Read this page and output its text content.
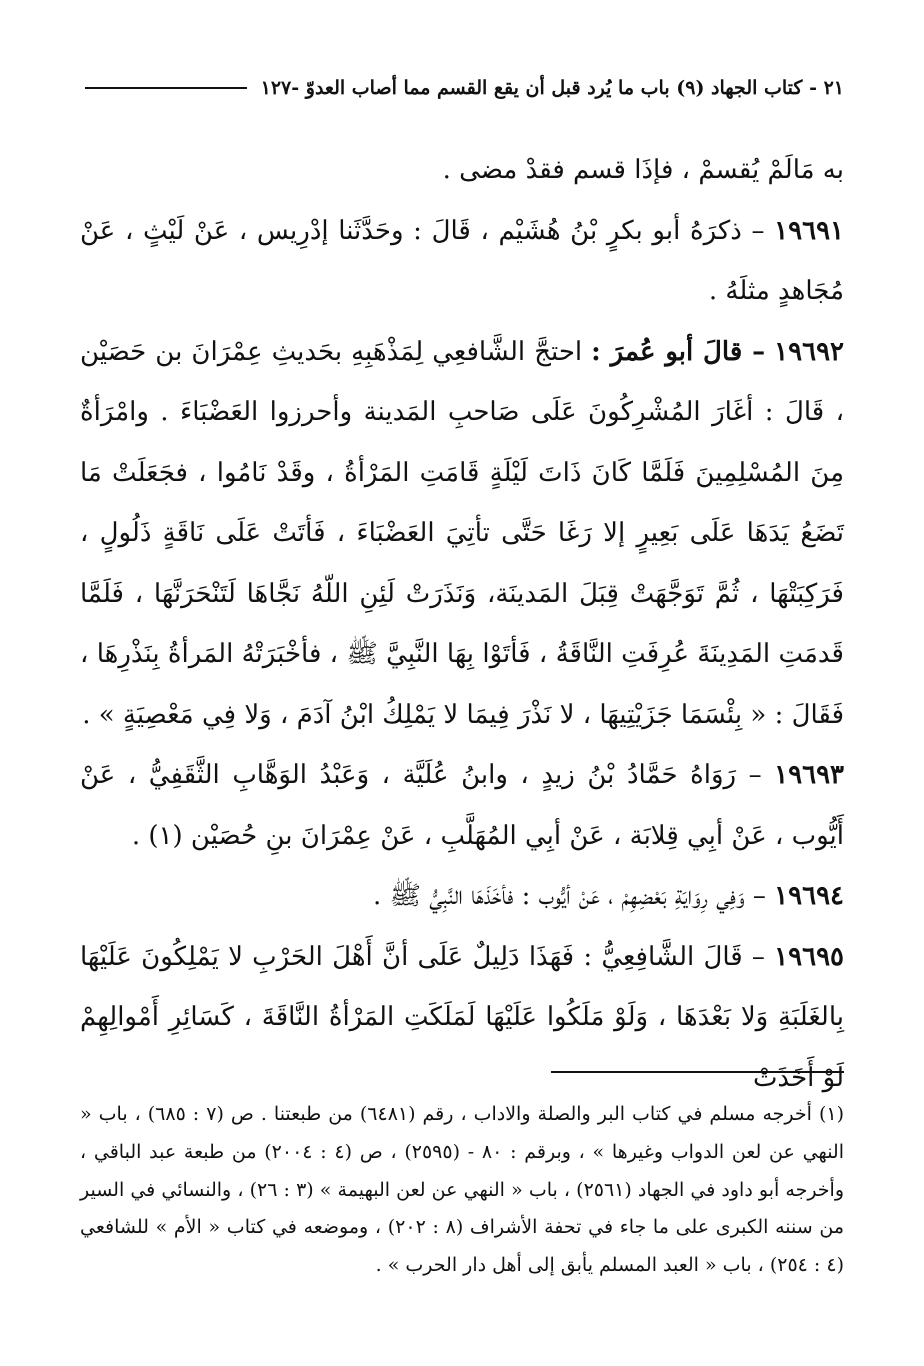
٢١ - كتاب الجهاد (٩) باب ما يُرد قبل أن يقع القسم مما أصاب العدوّ -١٢٧

به مَالَمْ يُقسمْ ، فإذَا قسم فقدْ مضى .

١٩٦٩١ – ذكرَهُ أبو بكرٍ بْنُ هُشَيْم ، قَالَ : وحَدَّثَنا إدْرِيس ، عَنْ لَيْثٍ ، عَنْ مُجَاهدٍ مثلَهُ .

١٩٦٩٢ – قالَ أبو عُمرَ : احتجَّ الشَّافعِي لِمَذْهَبِهِ بحَديثِ عِمْرَانَ بن حَصَيْن ، قَالَ : أغَارَ المُشْرِكُونَ عَلَى صَاحبِ المَدينة وأحرزوا العَضْبَاءَ . وامْرَأةٌ مِنَ المُسْلِمِينَ فَلَمَّا كَانَ ذَاتَ لَيْلَةٍ قَامَتِ المَرْأةُ ، وقَدْ نَامُوا ، فجَعَلَتْ مَا تَضَعُ يَدَهَا عَلَى بَعِيرٍ إلا رَغَا حَتَّى تأتِيَ العَضْبَاءَ ، فَأتَتْ عَلَى نَاقَةٍ ذَلُولٍ ، فَرَكِبَتْهَا ، ثُمَّ تَوَجَّهَتْ قِبَلَ المَدينَة، وَنَذَرَتْ لَئِنِ اللّهُ نَجَّاهَا لَتَنْحَرَنَّهَا ، فَلَمَّا قَدمَتِ المَدِينَةَ عُرِفَتِ النَّاقَةُ ، فَأتَوْا بِهَا النَّبِيَّ ﷺ ، فأخْبَرَتْهُ المَرأةُ بِنَذْرِهَا ، فَقَالَ : « بِئْسَمَا جَزَيْتِيهَا ، لا نَذْرَ فِيمَا لا يَمْلِكُ ابْنُ آدَمَ ، وَلا فِي مَعْصِيَةٍ » .

١٩٦٩٣ – رَوَاهُ حَمَّادُ بْنُ زيدٍ ، وابنُ عُلَيَّة ، وَعَبْدُ الوَهَّابِ الثَّقَفِيُّ ، عَنْ أَيُّوب ، عَنْ أبِي قِلابَة ، عَنْ أبِي المُهَلَّبِ ، عَنْ عِمْرَانَ بنِ حُصَيْن (١) .

١٩٦٩٤ – وَفِي رِوَايَةِ بَعْضِهِمْ ، عَنْ أيُّوب : فأخَذَهَا النَّبِيُّ ﷺ .

١٩٦٩٥ – قَالَ الشَّافِعِيُّ : فَهَذَا دَلِيلٌ عَلَى أنَّ أَهْلَ الحَرْبِ لا يَمْلِكُونَ عَلَيْهَا بِالغَلَبَةِ وَلا بَعْدَهَا ، وَلَوْ مَلَكُوا عَلَيْهَا لَمَلَكَتِ المَرْأةُ النَّاقَةَ ، كَسَائِرِ أَمْوالِهِمْ لَوْ أَخَذَتْ

(١) أخرجه مسلم في كتاب البر والصلة والاداب ، رقم (٦٤٨١) من طبعتنا . ص (٧ : ٦٨٥) ، باب « النهي عن لعن الدواب وغيرها » ، وبرقم : ٨٠ - (٢٥٩٥) ، ص (٤ : ٢٠٠٤) من طبعة عبد الباقي ، وأخرجه أبو داود في الجهاد (٢٥٦١) ، باب « النهي عن لعن البهيمة » (٣ : ٢٦) ، والنسائي في السير من سننه الكبرى على ما جاء في تحفة الأشراف (٨ : ٢٠٢) ، وموضعه في كتاب « الأم » للشافعي (٤ : ٢٥٤) ، باب « العبد المسلم يأبق إلى أهل دار الحرب » .
